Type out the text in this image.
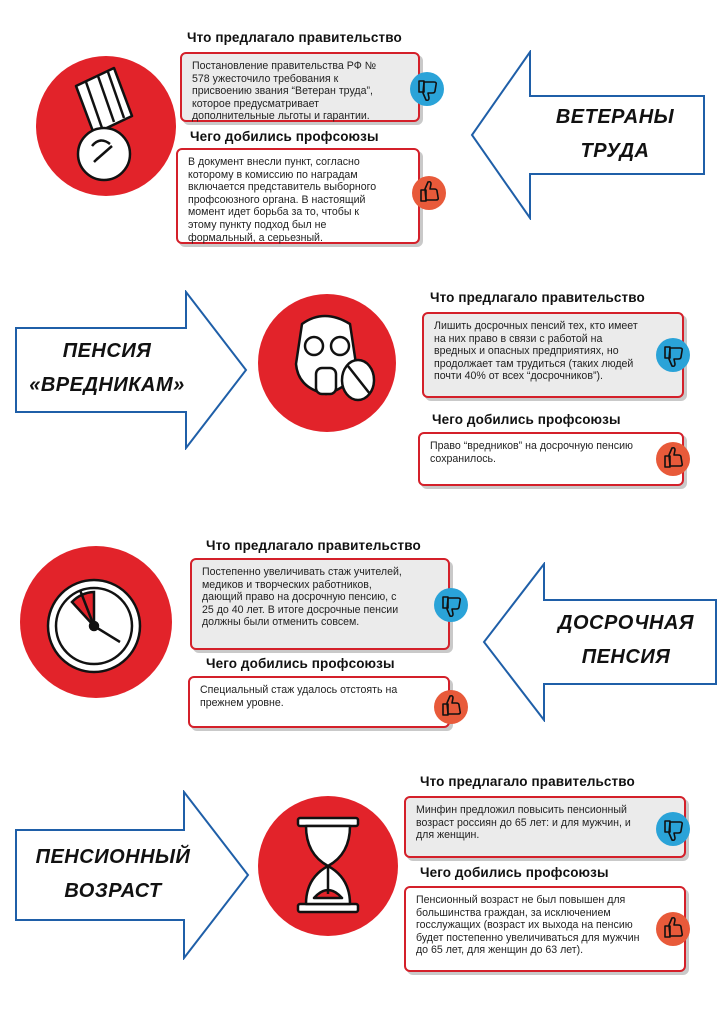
Что предлагало правительство
Постановление правительства РФ № 578 ужесточило требования к присвоению звания “Ветеран труда”, которое предусматривает дополнительные льготы и гарантии.
Чего добились профсоюзы
В документ внесли пункт, согласно которому в комиссию по наградам включается представитель выборного профсоюзного органа. В настоящий момент идет борьба за то, чтобы к этому пункту подход был не формальный, а серьезный.
ВЕТЕРАНЫ
ТРУДА
ПЕНСИЯ
«ВРЕДНИКАМ»
Что предлагало правительство
Лишить досрочных пенсий тех, кто имеет на них право в связи с работой на вредных и опасных предприятиях, но продолжает там трудиться (таких людей почти 40% от всех “досрочников”).
Чего добились профсоюзы
Право “вредников” на досрочную пенсию сохранилось.
Что предлагало правительство
Постепенно увеличивать стаж учителей, медиков и творческих работников, дающий право на досрочную пенсию, с 25 до 40 лет. В итоге досрочные пенсии должны были отменить совсем.
Чего добились профсоюзы
Специальный стаж удалось отстоять на прежнем уровне.
ДОСРОЧНАЯ
ПЕНСИЯ
ПЕНСИОННЫЙ
ВОЗРАСТ
Что предлагало правительство
Минфин предложил повысить пенсионный возраст россиян до 65 лет: и для мужчин, и для женщин.
Чего добились профсоюзы
Пенсионный возраст не был повышен для большинства граждан, за исключением госслужащих (возраст их выхода на пенсию будет постепенно увеличиваться для мужчин до 65 лет, для женщин до 63 лет).
